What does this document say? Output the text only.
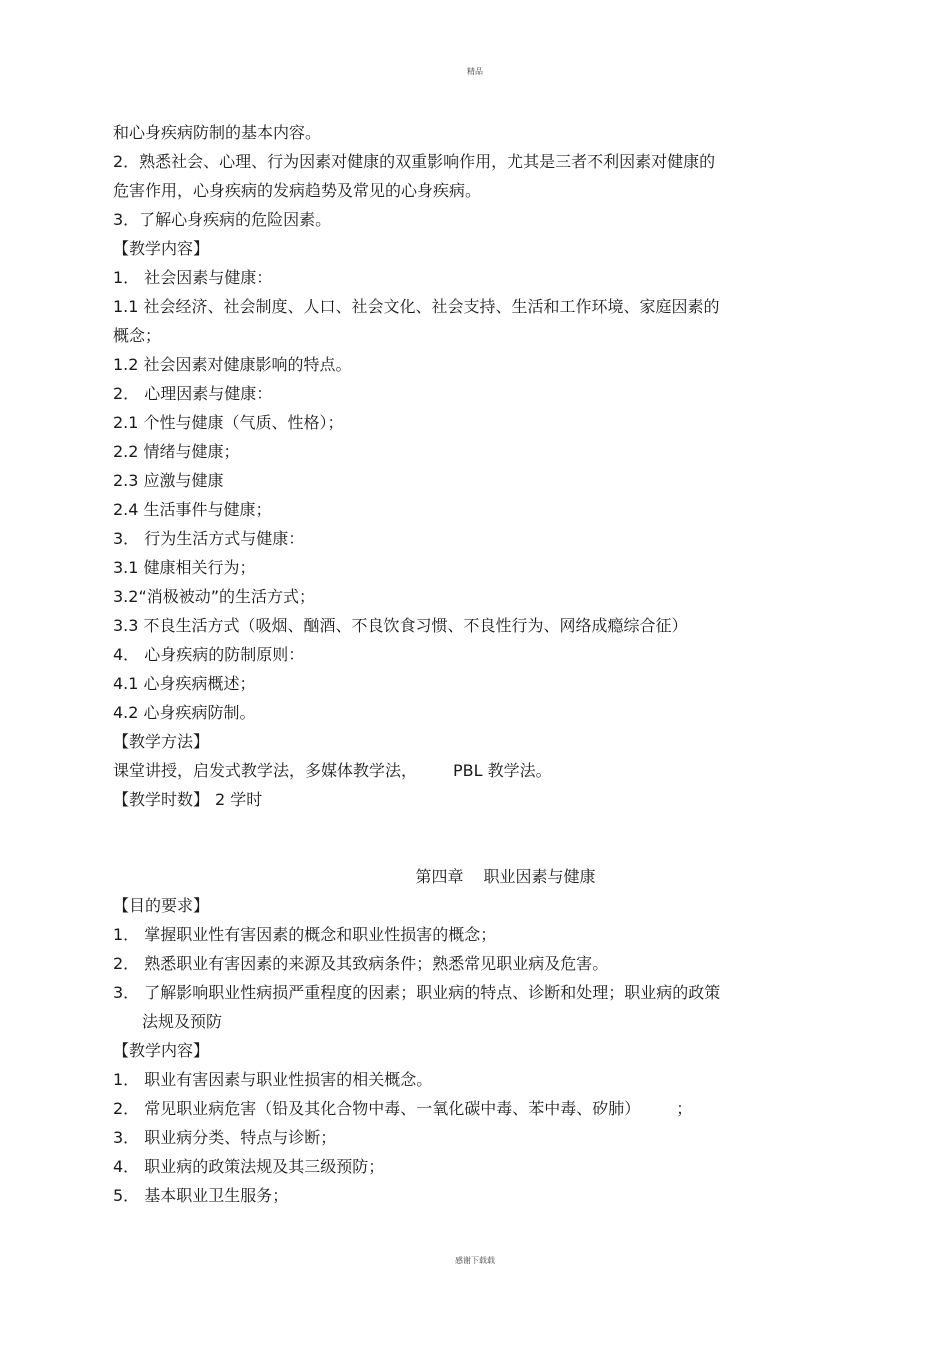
精品
和心身疾病防制的基本内容。
2．熟悉社会、心理、行为因素对健康的双重影响作用，尤其是三者不利因素对健康的
危害作用，心身疾病的发病趋势及常见的心身疾病。
3．了解心身疾病的危险因素。
【教学内容】
1． 社会因素与健康：
1.1 社会经济、社会制度、人口、社会文化、社会支持、生活和工作环境、家庭因素的
概念；
1.2 社会因素对健康影响的特点。
2． 心理因素与健康：
2.1 个性与健康（气质、性格）；
2.2 情绪与健康；
2.3 应激与健康
2.4 生活事件与健康；
3． 行为生活方式与健康：
3.1 健康相关行为；
3.2“消极被动”的生活方式；
3.3 不良生活方式（吸烟、酗酒、不良饮食习惯、不良性行为、网络成瘾综合征）
4． 心身疾病的防制原则：
4.1 心身疾病概述；
4.2 心身疾病防制。
【教学方法】
课堂讲授，启发式教学法，多媒体教学法， PBL 教学法。
【教学时数】 2 学时
第四章 职业因素与健康
【目的要求】
1． 掌握职业性有害因素的概念和职业性损害的概念；
2． 熟悉职业有害因素的来源及其致病条件；熟悉常见职业病及危害。
3． 了解影响职业性病损严重程度的因素；职业病的特点、诊断和处理；职业病的政策
法规及预防
【教学内容】
1． 职业有害因素与职业性损害的相关概念。
2． 常见职业病危害（铅及其化合物中毒、一氧化碳中毒、苯中毒、矽肺） ；
3． 职业病分类、特点与诊断；
4． 职业病的政策法规及其三级预防；
5． 基本职业卫生服务；
感谢下载载
